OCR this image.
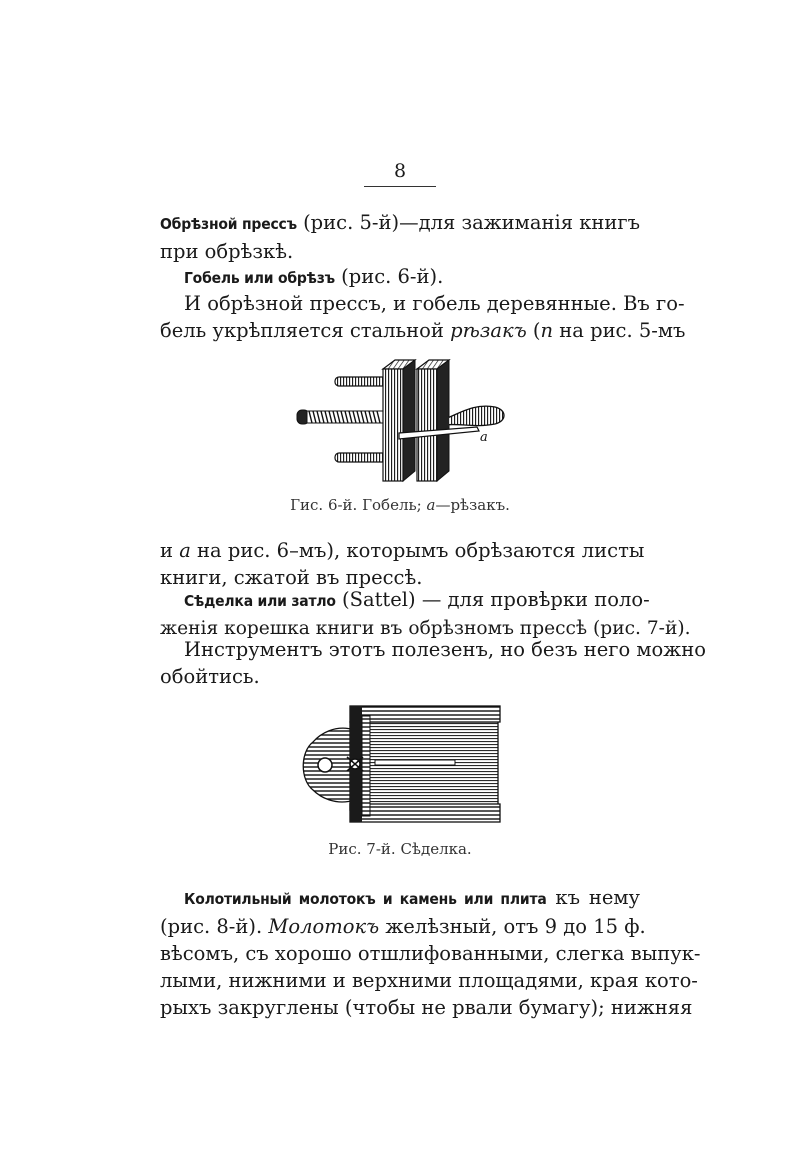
8
Обрѣзной прессъ (рис. 5-й)—для зажиманія книгъ
при обрѣзкѣ.
Гобель или обрѣзъ (рис. 6-й).
И обрѣзной прессъ, и гобель деревянные. Въ го-
бель укрѣпляется стальной рѣзакъ (п на рис. 5-мъ
а
Гис. 6-й. Гобель; а—рѣзакъ.
и а на рис. 6–мъ), которымъ обрѣзаются листы
книги, сжатой въ прессѣ.
Сѣделка или затло (Sattel) — для провѣрки поло-
женія корешка книги въ обрѣзномъ прессѣ (рис. 7-й).
Инструментъ этотъ полезенъ, но безъ него можно
обойтись.
Рис. 7-й. Сѣделка.
Колотильный молотокъ и камень или плита къ нему
(рис. 8-й). Молотокъ желѣзный, отъ 9 до 15 ф.
вѣсомъ, съ хорошо отшлифованными, слегка выпук-
лыми, нижними и верхними площадями, края кото-
рыхъ закруглены (чтобы не рвали бумагу); нижняя
